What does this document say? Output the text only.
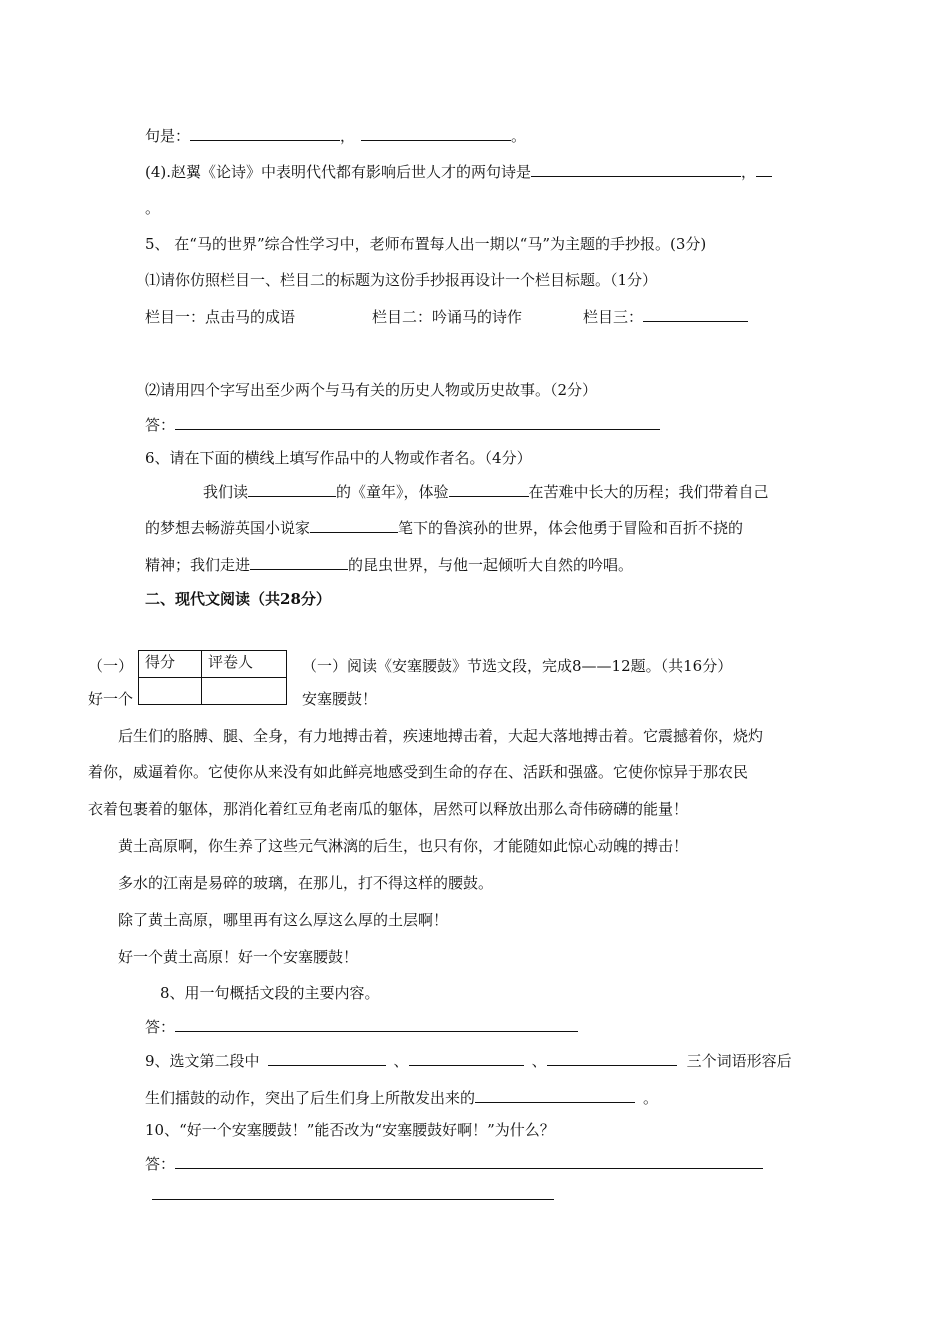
句是：	，	。
(4).赵翼《论诗》中表明代代都有影响后世人才的两句诗是	，
。
5、 在“马的世界”综合性学习中，老师布置每人出一期以“马”为主题的手抄报。(3分)
⑴请你仿照栏目一、栏目二的标题为这份手抄报再设计一个栏目标题。（1分）
栏目一：点击马的成语	栏目二：吟诵马的诗作	栏目三：
⑵请用四个字写出至少两个与马有关的历史人物或历史故事。（2分）
答：
6、请在下面的横线上填写作品中的人物或作者名。（4分）
我们读	的《童年》，体验	在苦难中长大的历程；我们带着自己
的梦想去畅游英国小说家	笔下的鲁滨孙的世界，体会他勇于冒险和百折不挠的
精神；我们走进	的昆虫世界，与他一起倾听大自然的吟唱。
二、现代文阅读（共28分）
（一）
好一个
得分	评卷人
		（一）阅读《安塞腰鼓》节选文段，完成8——12题。（共16分）
安塞腰鼓！
后生们的胳膊、腿、全身，有力地搏击着，疾速地搏击着，大起大落地搏击着。它震撼着你，烧灼
着你，威逼着你。它使你从来没有如此鲜亮地感受到生命的存在、活跃和强盛。它使你惊异于那农民
衣着包裹着的躯体，那消化着红豆角老南瓜的躯体，居然可以释放出那么奇伟磅礴的能量！
黄土高原啊，你生养了这些元气淋漓的后生，也只有你，才能随如此惊心动魄的搏击！
多水的江南是易碎的玻璃，在那儿，打不得这样的腰鼓。
除了黄土高原，哪里再有这么厚这么厚的土层啊！
好一个黄土高原！好一个安塞腰鼓！
8、用一句概括文段的主要内容。
答：
9、选文第二段中	、	、	三个词语形容后
生们擂鼓的动作，突出了后生们身上所散发出来的	。
10、“好一个安塞腰鼓！”能否改为“安塞腰鼓好啊！”为什么？
答：
